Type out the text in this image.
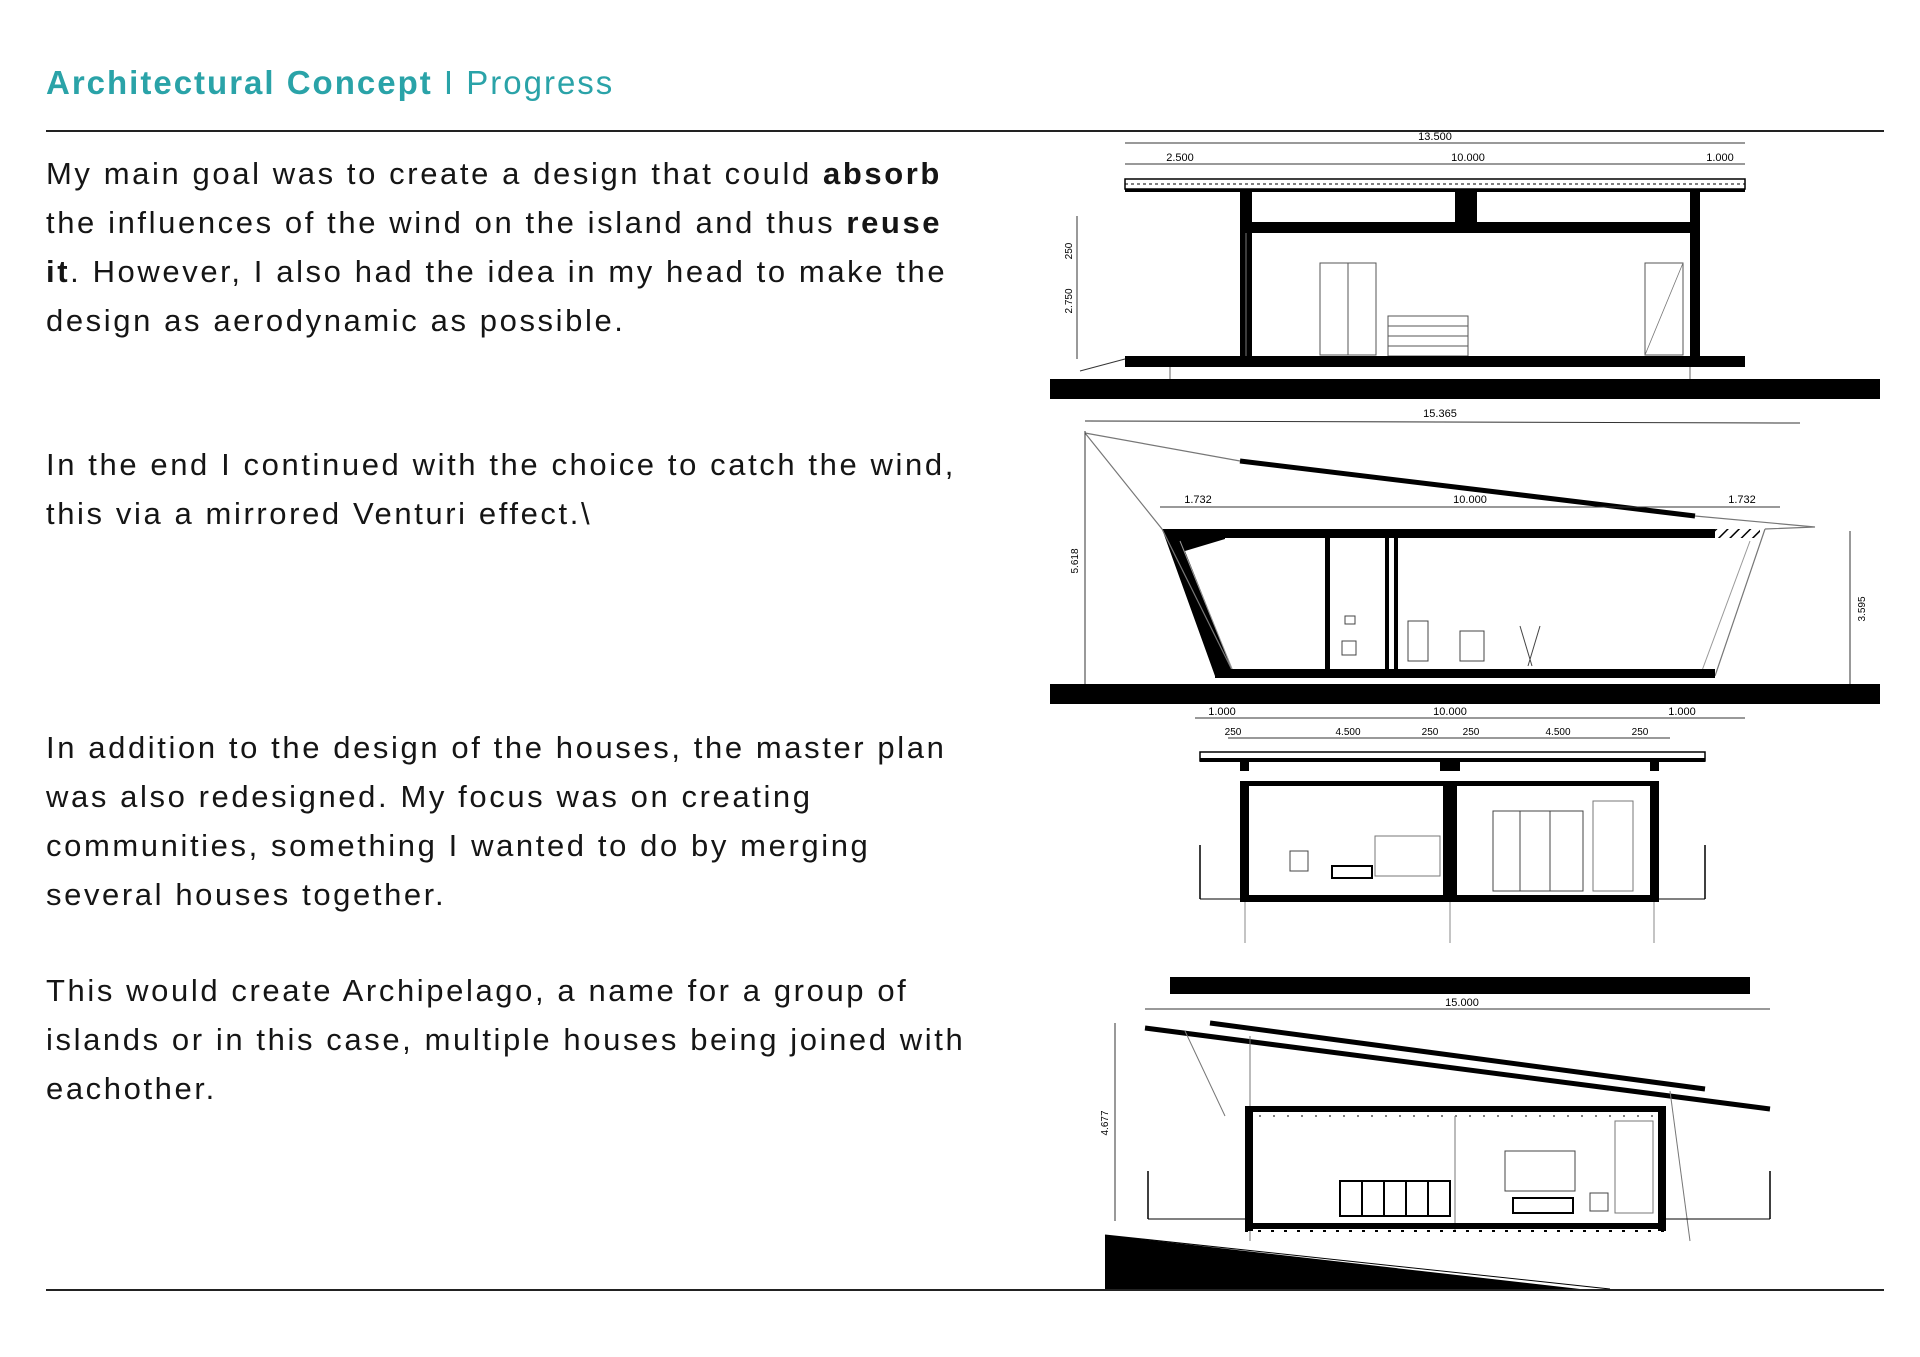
Architectural Concept I Progress

My main goal was to create a design that could absorb the influences of the wind on the island and thus reuse it. However, I also had the idea in my head to make the design as aerodynamic as possible.

In the end I continued with the choice to catch the wind, this via a mirrored Venturi effect.\

In addition to the design of the houses, the master plan was also redesigned. My focus was on creating communities, something I wanted to do by merging several houses together.

This would create Archipelago, a name for a group of islands or in this case, multiple houses being joined with eachother.

13.500
2.500	10.000	1.000
250
2.750
15.365
1.732	10.000	1.732
5.618
3.595
1.000	10.000	1.000
250	4.500	250 250	4.500	250
15.000
4.677
